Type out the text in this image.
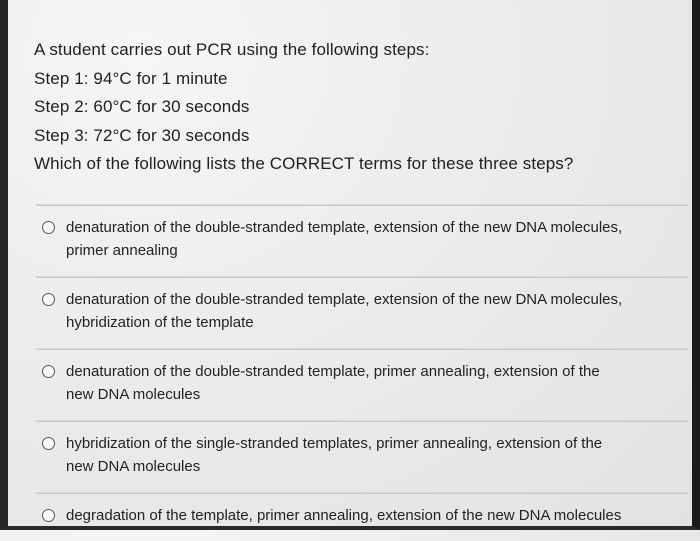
A student carries out PCR using the following steps:
Step 1: 94°C for 1 minute
Step 2: 60°C for 30 seconds
Step 3: 72°C for 30 seconds
Which of the following lists the CORRECT terms for these three steps?
denaturation of the double-stranded template, extension of the new DNA molecules,
primer annealing
denaturation of the double-stranded template, extension of the new DNA molecules,
hybridization of the template
denaturation of the double-stranded template, primer annealing, extension of the
new DNA molecules
hybridization of the single-stranded templates, primer annealing, extension of the
new DNA molecules
degradation of the template, primer annealing, extension of the new DNA molecules
